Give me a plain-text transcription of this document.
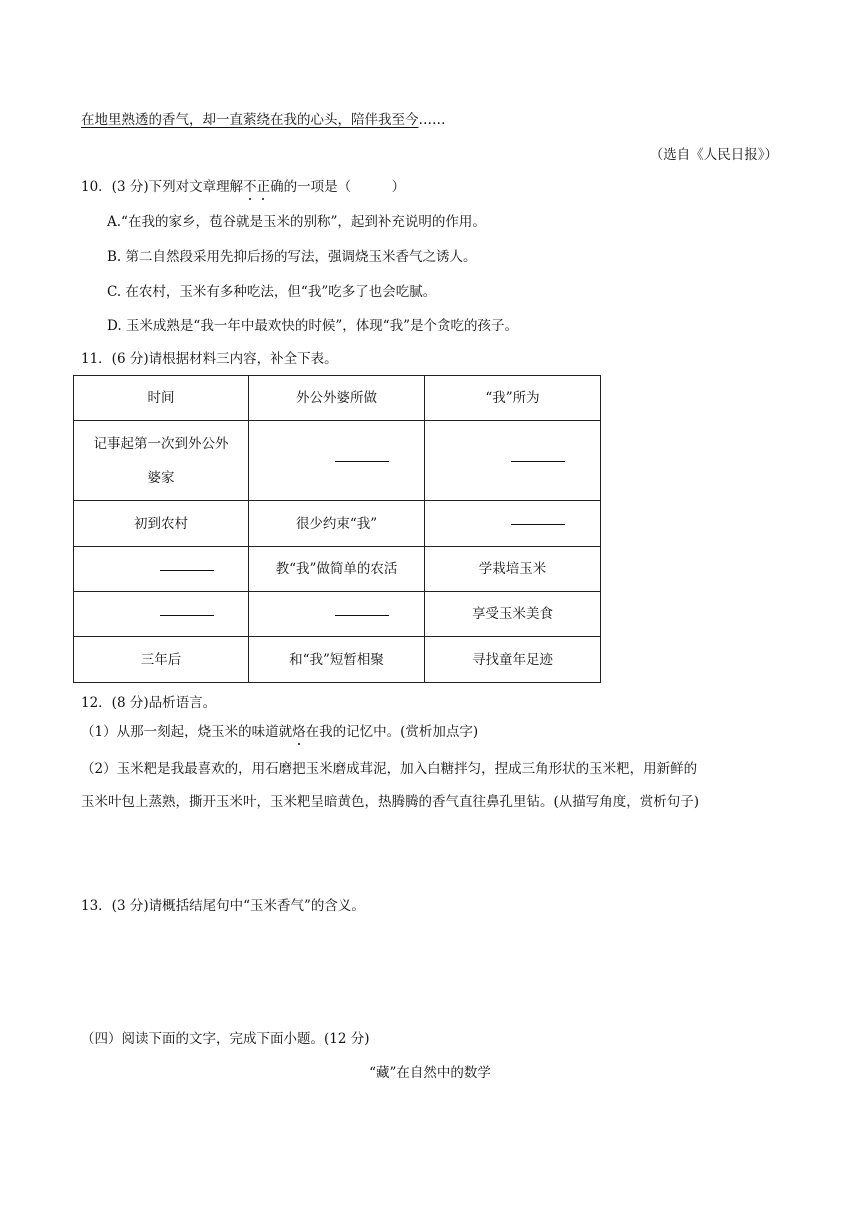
在地里熟透的香气，却一直萦绕在我的心头，陪伴我至今……
（选自《人民日报》）
10．(3 分)下列对文章理解不正确的一项是（　　　）
A.“在我的家乡，苞谷就是玉米的别称”，起到补充说明的作用。
B. 第二自然段采用先抑后扬的写法，强调烧玉米香气之诱人。
C. 在农村，玉米有多种吃法，但“我”吃多了也会吃腻。
D. 玉米成熟是“我一年中最欢快的时候”，体现“我”是个贪吃的孩子。
11．(6 分)请根据材料三内容，补全下表。
时间	外公外婆所做	“我”所为
记事起第一次到外公外
婆家		
初到农村	很少约束“我”	
	教“我”做简单的农活	学栽培玉米
		享受玉米美食
三年后	和“我”短暂相聚	寻找童年足迹
12．(8 分)品析语言。
（1）从那一刻起，烧玉米的味道就烙在我的记忆中。(赏析加点字)
（2）玉米粑是我最喜欢的，用石磨把玉米磨成茸泥，加入白糖拌匀，捏成三角形状的玉米粑，用新鲜的
玉米叶包上蒸熟，撕开玉米叶，玉米粑呈暗黄色，热腾腾的香气直往鼻孔里钻。(从描写角度，赏析句子)
13．(3 分)请概括结尾句中“玉米香气”的含义。
（四）阅读下面的文字，完成下面小题。(12 分)
“藏”在自然中的数学
